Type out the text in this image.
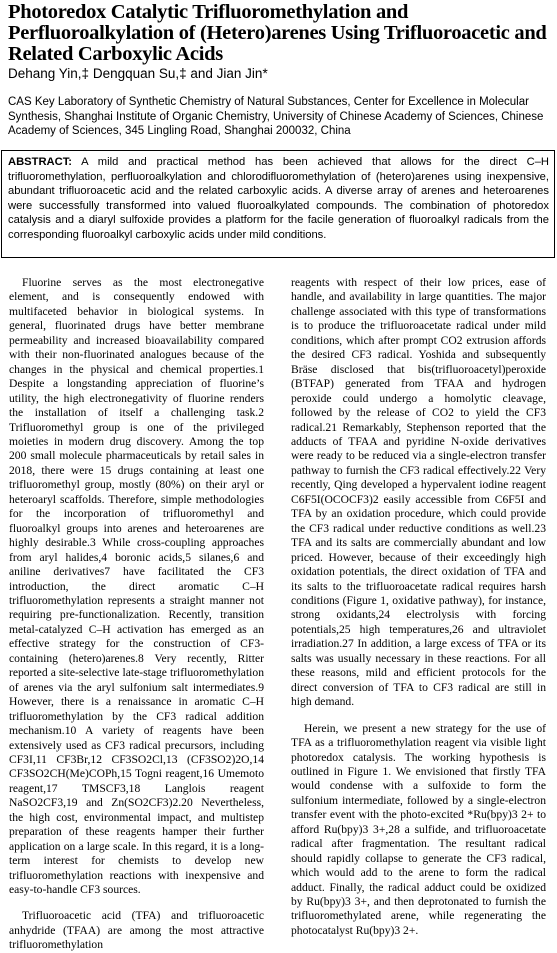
Photoredox Catalytic Trifluoromethylation and Perfluoroalkylation of (Hetero)arenes Using Trifluoroacetic and Related Carboxylic Acids
Dehang Yin,‡ Dengquan Su,‡ and Jian Jin*
CAS Key Laboratory of Synthetic Chemistry of Natural Substances, Center for Excellence in Molecular Synthesis, Shanghai Institute of Organic Chemistry, University of Chinese Academy of Sciences, Chinese Academy of Sciences, 345 Lingling Road, Shanghai 200032, China
ABSTRACT: A mild and practical method has been achieved that allows for the direct C–H trifluoromethylation, perfluoroalkylation and chlorodifluoromethylation of (hetero)arenes using inexpensive, abundant trifluoroacetic acid and the related carboxylic acids. A diverse array of arenes and heteroarenes were successfully transformed into valued fluoroalkylated compounds. The combination of photoredox catalysis and a diaryl sulfoxide provides a platform for the facile generation of fluoroalkyl radicals from the corresponding fluoroalkyl carboxylic acids under mild conditions.

Fluorine serves as the most electronegative element, and is consequently endowed with multifaceted behavior in biological systems. In general, fluorinated drugs have better membrane permeability and increased bioavailability compared with their non-fluorinated analogues because of the changes in the physical and chemical properties.1 Despite a longstanding appreciation of fluorine’s utility, the high electronegativity of fluorine renders the installation of itself a challenging task.2 Trifluoromethyl group is one of the privileged moieties in modern drug discovery. Among the top 200 small molecule pharmaceuticals by retail sales in 2018, there were 15 drugs containing at least one trifluoromethyl group, mostly (80%) on their aryl or heteroaryl scaffolds. Therefore, simple methodologies for the incorporation of trifluoromethyl and fluoroalkyl groups into arenes and heteroarenes are highly desirable.3 While cross-coupling approaches from aryl halides,4 boronic acids,5 silanes,6 and aniline derivatives7 have facilitated the CF3 introduction, the direct aromatic C–H trifluoromethylation represents a straight manner not requiring pre-functionalization. Recently, transition metal-catalyzed C–H activation has emerged as an effective strategy for the construction of CF3-containing (hetero)arenes.8 Very recently, Ritter reported a site-selective late-stage trifluoromethylation of arenes via the aryl sulfonium salt intermediates.9 However, there is a renaissance in aromatic C–H trifluoromethylation by the CF3 radical addition mechanism.10 A variety of reagents have been extensively used as CF3 radical precursors, including CF3I,11 CF3Br,12 CF3SO2Cl,13 (CF3SO2)2O,14 CF3SO2CH(Me)COPh,15 Togni reagent,16 Umemoto reagent,17 TMSCF3,18 Langlois reagent NaSO2CF3,19 and Zn(SO2CF3)2.20 Nevertheless, the high cost, environmental impact, and multistep preparation of these reagents hamper their further application on a large scale. In this regard, it is a long-term interest for chemists to develop new trifluoromethylation reactions with inexpensive and easy-to-handle CF3 sources.

Trifluoroacetic acid (TFA) and trifluoroacetic anhydride (TFAA) are among the most attractive trifluoromethylation

reagents with respect of their low prices, ease of handle, and availability in large quantities. The major challenge associated with this type of transformations is to produce the trifluoroacetate radical under mild conditions, which after prompt CO2 extrusion affords the desired CF3 radical. Yoshida and subsequently Bräse disclosed that bis(trifluoroacetyl)peroxide (BTFAP) generated from TFAA and hydrogen peroxide could undergo a homolytic cleavage, followed by the release of CO2 to yield the CF3 radical.21 Remarkably, Stephenson reported that the adducts of TFAA and pyridine N-oxide derivatives were ready to be reduced via a single-electron transfer pathway to furnish the CF3 radical effectively.22 Very recently, Qing developed a hypervalent iodine reagent C6F5I(OCOCF3)2 easily accessible from C6F5I and TFA by an oxidation procedure, which could provide the CF3 radical under reductive conditions as well.23 TFA and its salts are commercially abundant and low priced. However, because of their exceedingly high oxidation potentials, the direct oxidation of TFA and its salts to the trifluoroacetate radical requires harsh conditions (Figure 1, oxidative pathway), for instance, strong oxidants,24 electrolysis with forcing potentials,25 high temperatures,26 and ultraviolet irradiation.27 In addition, a large excess of TFA or its salts was usually necessary in these reactions. For all these reasons, mild and efficient protocols for the direct conversion of TFA to CF3 radical are still in high demand.

Herein, we present a new strategy for the use of TFA as a trifluoromethylation reagent via visible light photoredox catalysis. The working hypothesis is outlined in Figure 1. We envisioned that firstly TFA would condense with a sulfoxide to form the sulfonium intermediate, followed by a single-electron transfer event with the photo-excited *Ru(bpy)3 2+ to afford Ru(bpy)3 3+,28 a sulfide, and trifluoroacetate radical after fragmentation. The resultant radical should rapidly collapse to generate the CF3 radical, which would add to the arene to form the radical adduct. Finally, the radical adduct could be oxidized by Ru(bpy)3 3+, and then deprotonated to furnish the trifluoromethylated arene, while regenerating the photocatalyst Ru(bpy)3 2+.
